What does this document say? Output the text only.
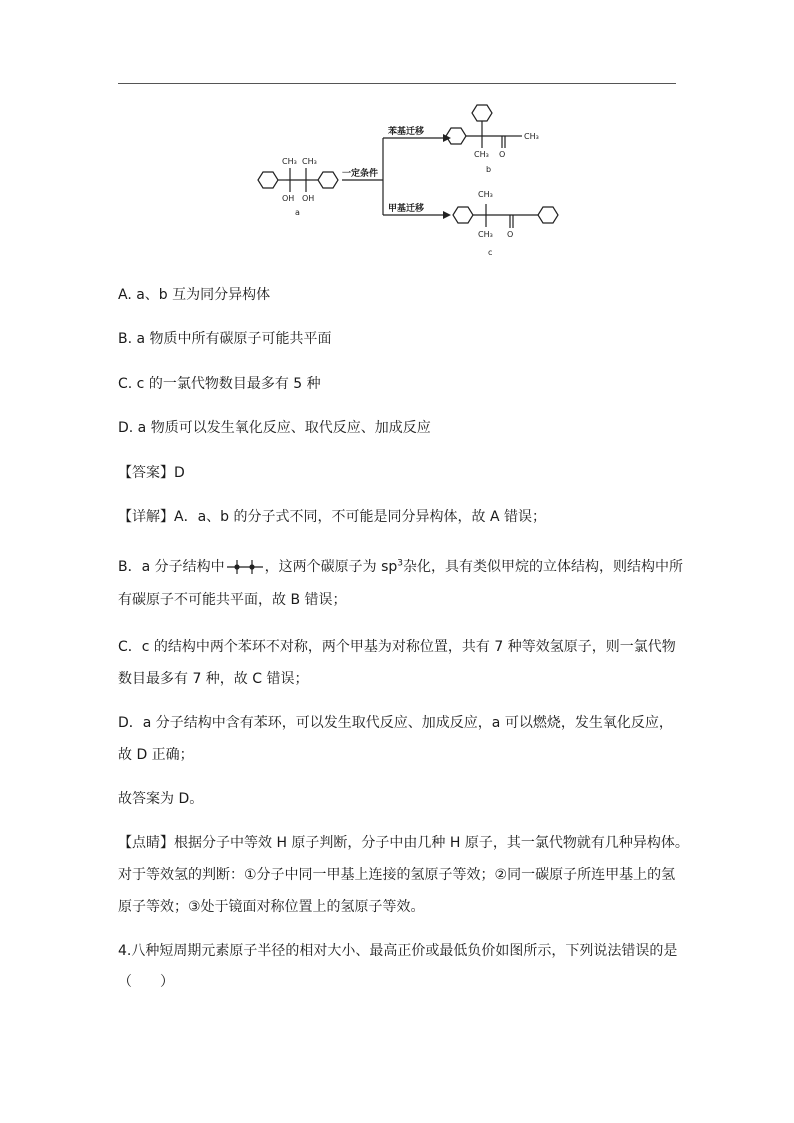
CH₃ CH₃
OH OH
a
一定条件
苯基迁移
甲基迁移
CH₃
CH₃ O
b
CH₃
CH₃ O
c
A. a、b 互为同分异构体
B. a 物质中所有碳原子可能共平面
C. c 的一氯代物数目最多有 5 种
D. a 物质可以发生氧化反应、取代反应、加成反应
【答案】D
【详解】A．a、b 的分子式不同，不可能是同分异构体，故 A 错误；
B．a 分子结构中	，这两个碳原子为 $sp^3$杂化，具有类似甲烷的立体结构，则结构中所
有碳原子不可能共平面，故 B 错误；
C．c 的结构中两个苯环不对称，两个甲基为对称位置，共有 7 种等效氢原子，则一氯代物
数目最多有 7 种，故 C 错误；
D．a 分子结构中含有苯环，可以发生取代反应、加成反应，a 可以燃烧，发生氧化反应，
故 D 正确；
故答案为 D。
【点睛】根据分子中等效 H 原子判断，分子中由几种 H 原子，其一氯代物就有几种异构体。
对于等效氢的判断：①分子中同一甲基上连接的氢原子等效；②同一碳原子所连甲基上的氢
原子等效；③处于镜面对称位置上的氢原子等效。
4.八种短周期元素原子半径的相对大小、最高正价或最低负价如图所示，下列说法错误的是
（　　）
